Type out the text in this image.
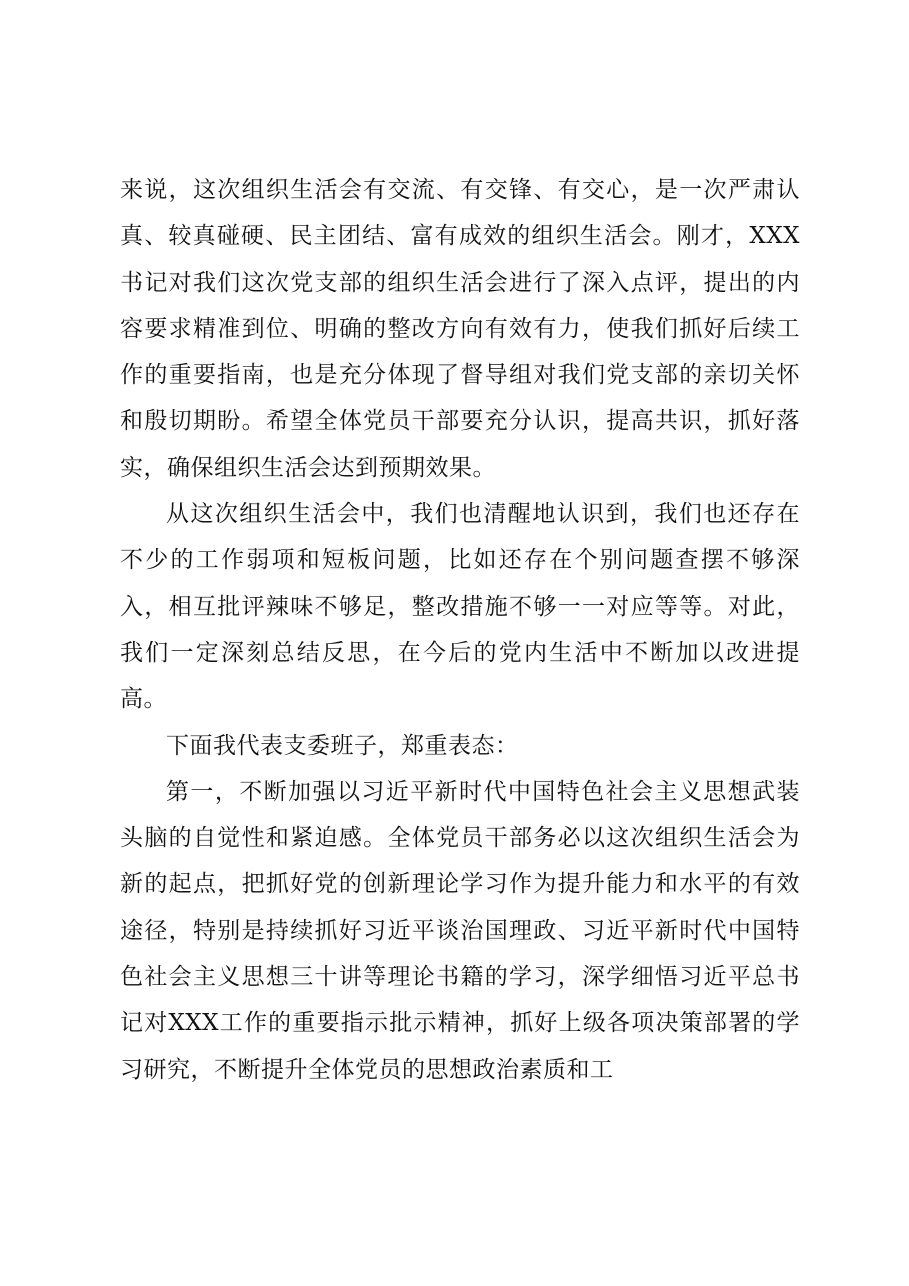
来说，这次组织生活会有交流、有交锋、有交心，是一次严肃认真、较真碰硬、民主团结、富有成效的组织生活会。刚才，XXX书记对我们这次党支部的组织生活会进行了深入点评，提出的内容要求精准到位、明确的整改方向有效有力，使我们抓好后续工作的重要指南，也是充分体现了督导组对我们党支部的亲切关怀和殷切期盼。希望全体党员干部要充分认识，提高共识，抓好落实，确保组织生活会达到预期效果。

从这次组织生活会中，我们也清醒地认识到，我们也还存在不少的工作弱项和短板问题，比如还存在个别问题查摆不够深入，相互批评辣味不够足，整改措施不够一一对应等等。对此，我们一定深刻总结反思，在今后的党内生活中不断加以改进提高。

下面我代表支委班子，郑重表态：

第一，不断加强以习近平新时代中国特色社会主义思想武装头脑的自觉性和紧迫感。全体党员干部务必以这次组织生活会为新的起点，把抓好党的创新理论学习作为提升能力和水平的有效途径，特别是持续抓好习近平谈治国理政、习近平新时代中国特色社会主义思想三十讲等理论书籍的学习，深学细悟习近平总书记对XXX工作的重要指示批示精神，抓好上级各项决策部署的学习研究，不断提升全体党员的思想政治素质和工
